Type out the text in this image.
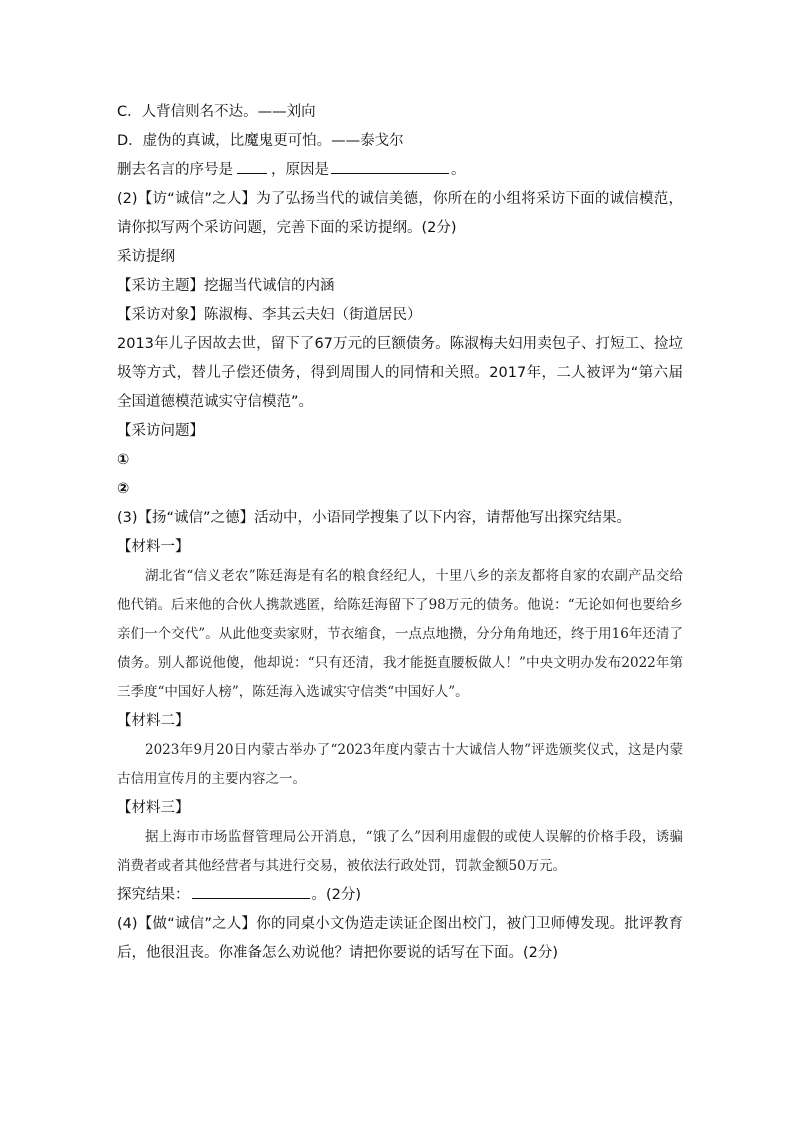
C．人背信则名不达。——刘向

D．虚伪的真诚，比魔鬼更可怕。——泰戈尔

删去名言的序号是	，原因是	。

(2)【访“诚信”之人】为了弘扬当代的诚信美德，你所在的小组将采访下面的诚信模范，请你拟写两个采访问题，完善下面的采访提纲。(2分)

采访提纲

【采访主题】挖掘当代诚信的内涵

【采访对象】陈淑梅、李其云夫妇（街道居民）

2013年儿子因故去世，留下了67万元的巨额债务。陈淑梅夫妇用卖包子、打短工、捡垃圾等方式，替儿子偿还债务，得到周围人的同情和关照。2017年，二人被评为“第六届全国道德模范诚实守信模范”。

【采访问题】

①

②

(3)【扬“诚信”之德】活动中，小语同学搜集了以下内容，请帮他写出探究结果。

【材料一】

湖北省“信义老农”陈廷海是有名的粮食经纪人，十里八乡的亲友都将自家的农副产品交给他代销。后来他的合伙人携款逃匿，给陈廷海留下了98万元的债务。他说：“无论如何也要给乡亲们一个交代”。从此他变卖家财，节衣缩食，一点点地攒，分分角角地还，终于用16年还清了债务。别人都说他傻，他却说：“只有还清，我才能挺直腰板做人！”中央文明办发布2022年第三季度“中国好人榜”，陈廷海入选诚实守信类“中国好人”。

【材料二】

2023年9月20日内蒙古举办了“2023年度内蒙古十大诚信人物”评选颁奖仪式，这是内蒙古信用宣传月的主要内容之一。

【材料三】

据上海市市场监督管理局公开消息，“饿了么”因利用虚假的或使人误解的价格手段，诱骗消费者或者其他经营者与其进行交易，被依法行政处罚，罚款金额50万元。

探究结果：	。(2分)

(4)【做“诚信”之人】你的同桌小文伪造走读证企图出校门，被门卫师傅发现。批评教育后，他很沮丧。你准备怎么劝说他？请把你要说的话写在下面。(2分)
